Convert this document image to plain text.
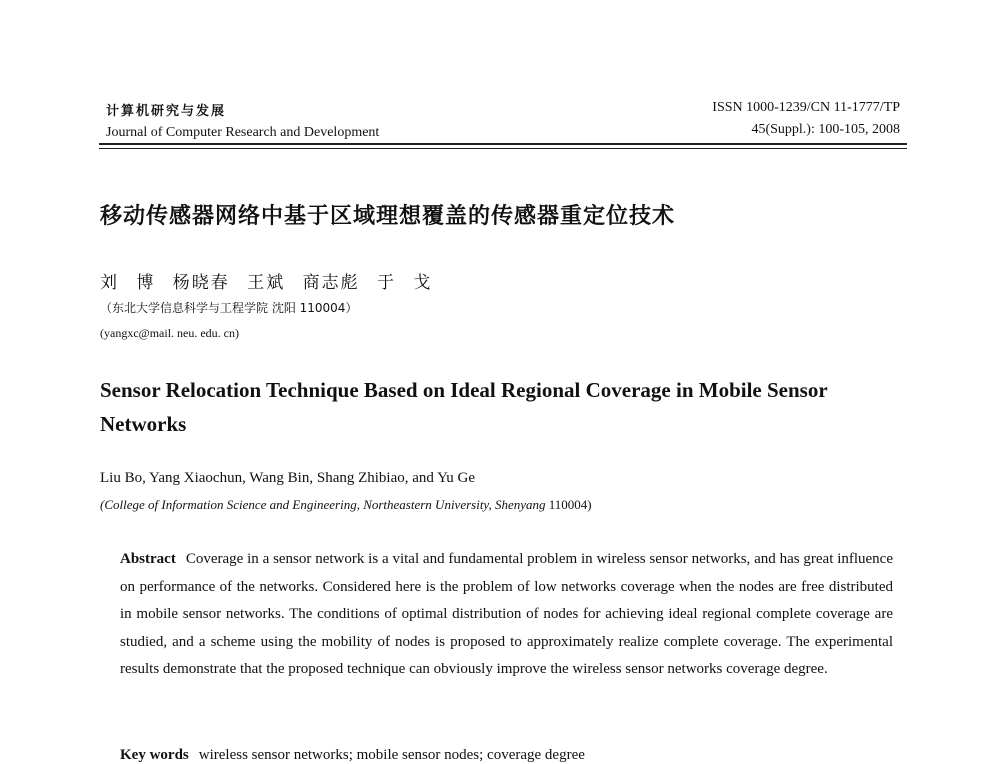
计算机研究与发展
Journal of Computer Research and Development
ISSN 1000-1239/CN 11-1777/TP
45(Suppl.): 100-105, 2008
移动传感器网络中基于区域理想覆盖的传感器重定位技术
刘 博 杨晓春 王斌 商志彪 于 戈
（东北大学信息科学与工程学院 沈阳 110004）
(yangxc@mail. neu. edu. cn)
Sensor Relocation Technique Based on Ideal Regional Coverage in Mobile Sensor Networks
Liu Bo, Yang Xiaochun, Wang Bin, Shang Zhibiao, and Yu Ge
(College of Information Science and Engineering, Northeastern University, Shenyang 110004)
Abstract Coverage in a sensor network is a vital and fundamental problem in wireless sensor networks, and has great influence on performance of the networks. Considered here is the problem of low networks coverage when the nodes are free distributed in mobile sensor networks. The conditions of optimal distribution of nodes for achieving ideal regional complete coverage are studied, and a scheme using the mobility of nodes is proposed to approximately realize complete coverage. The experimental results demonstrate that the proposed technique can obviously improve the wireless sensor networks coverage degree.
Key words wireless sensor networks; mobile sensor nodes; coverage degree
